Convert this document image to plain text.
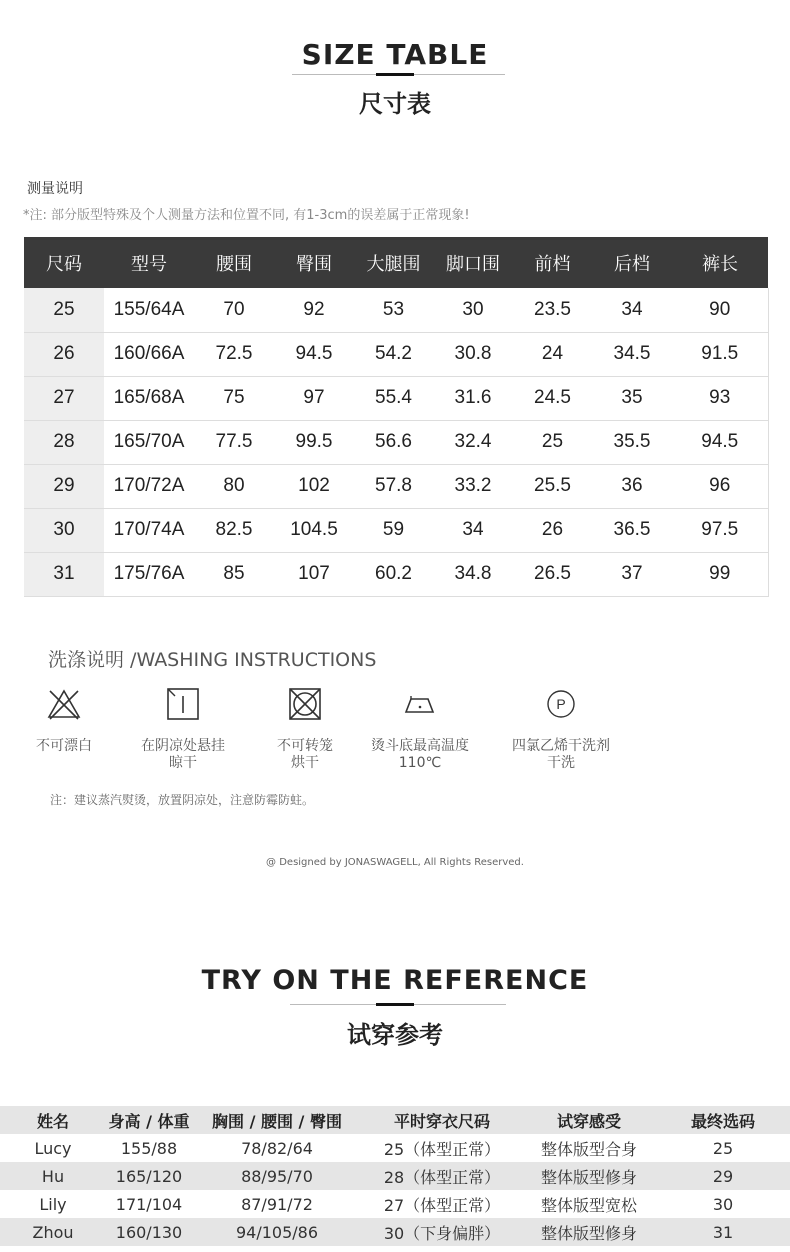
SIZE TABLE
尺寸表
测量说明
*注: 部分版型特殊及个人测量方法和位置不同, 有1-3cm的误差属于正常现象!
尺码	型号	腰围	臀围	大腿围	脚口围	前档	后档	裤长
25	155/64A	70	92	53	30	23.5	34	90
26	160/66A	72.5	94.5	54.2	30.8	24	34.5	91.5
27	165/68A	75	97	55.4	31.6	24.5	35	93
28	165/70A	77.5	99.5	56.6	32.4	25	35.5	94.5
29	170/72A	80	102	57.8	33.2	25.5	36	96
30	170/74A	82.5	104.5	59	34	26	36.5	97.5
31	175/76A	85	107	60.2	34.8	26.5	37	99
洗涤说明 /WASHING INSTRUCTIONS
不可漂白	在阴凉处悬挂
晾干
不可转笼
烘干
烫斗底最高温度
110℃
P
四氯乙烯干洗剂
干洗
注：建议蒸汽熨烫，放置阴凉处，注意防霉防蛀。
@ Designed by JONASWAGELL, All Rights Reserved.
TRY ON THE REFERENCE
试穿参考
姓名	身高 / 体重	胸围 / 腰围 / 臀围	平时穿衣尺码	试穿感受	最终选码
Lucy	155/88	78/82/64	25（体型正常）	整体版型合身	25
Hu	165/120	88/95/70	28（体型正常）	整体版型修身	29
Lily	171/104	87/91/72	27（体型正常）	整体版型宽松	30
Zhou	160/130	94/105/86	30（下身偏胖）	整体版型修身	31
